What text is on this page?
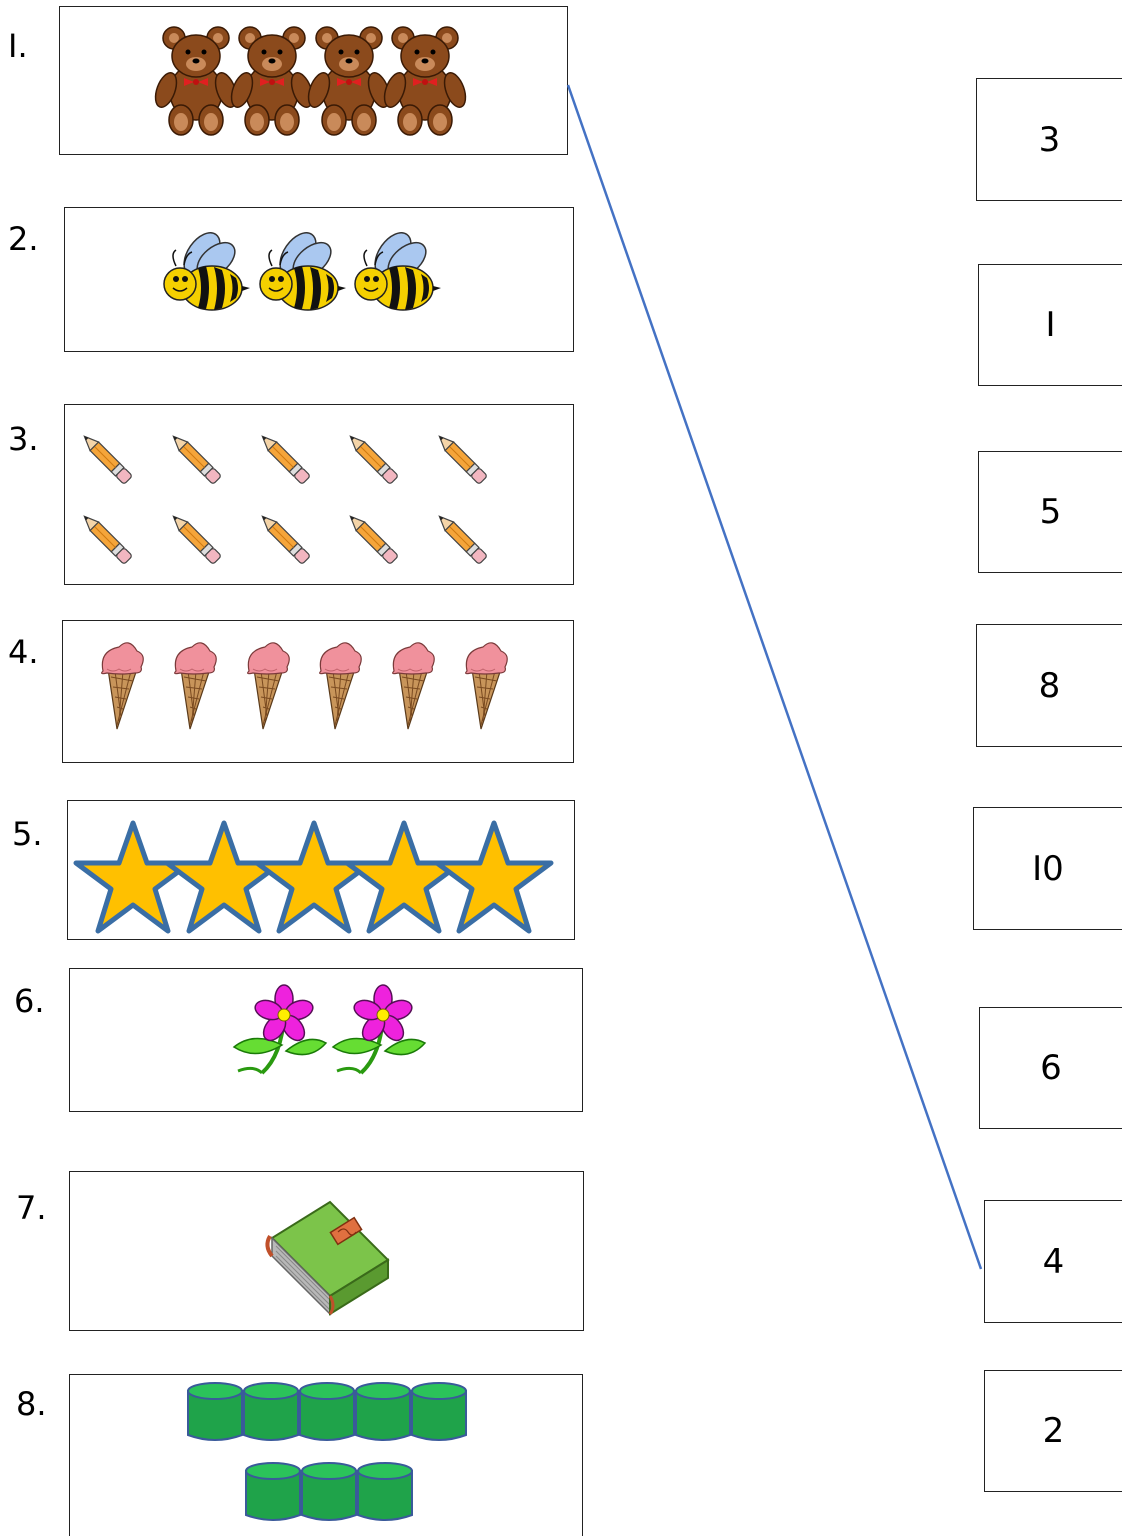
I.
2.
3.
4.
5.
6.
7.
8.
3
I
5
8
I0
6
4
2
